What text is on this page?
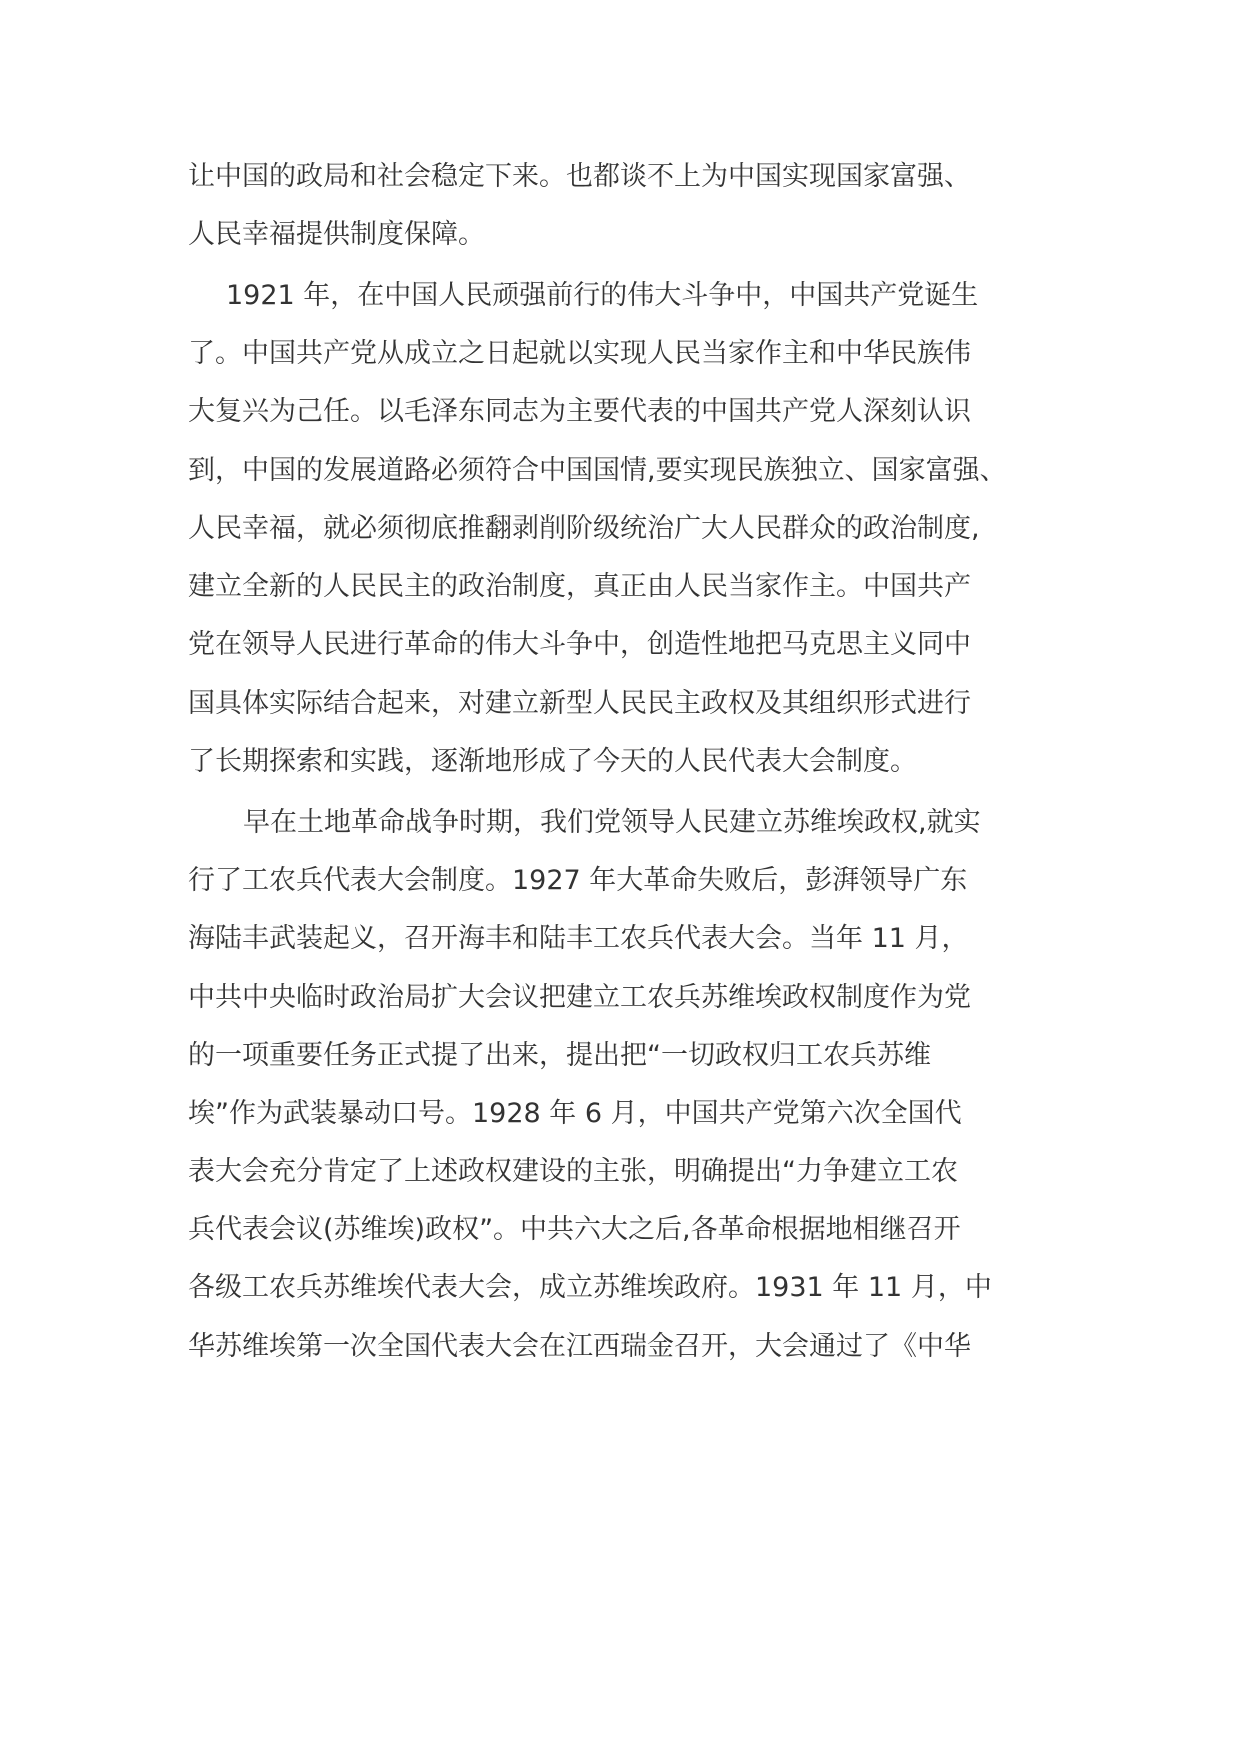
让中国的政局和社会稳定下来。也都谈不上为中国实现国家富强、
人民幸福提供制度保障。
1921 年，在中国人民顽强前行的伟大斗争中，中国共产党诞生
了。中国共产党从成立之日起就以实现人民当家作主和中华民族伟
大复兴为己任。以毛泽东同志为主要代表的中国共产党人深刻认识
到，中国的发展道路必须符合中国国情,要实现民族独立、国家富强、
人民幸福，就必须彻底推翻剥削阶级统治广大人民群众的政治制度,
建立全新的人民民主的政治制度，真正由人民当家作主。中国共产
党在领导人民进行革命的伟大斗争中，创造性地把马克思主义同中
国具体实际结合起来，对建立新型人民民主政权及其组织形式进行
了长期探索和实践，逐渐地形成了今天的人民代表大会制度。
早在土地革命战争时期，我们党领导人民建立苏维埃政权,就实
行了工农兵代表大会制度。1927 年大革命失败后，彭湃领导广东
海陆丰武装起义，召开海丰和陆丰工农兵代表大会。当年 11 月，
中共中央临时政治局扩大会议把建立工农兵苏维埃政权制度作为党
的一项重要任务正式提了出来，提出把“一切政权归工农兵苏维
埃”作为武装暴动口号。1928 年 6 月，中国共产党第六次全国代
表大会充分肯定了上述政权建设的主张，明确提出“力争建立工农
兵代表会议(苏维埃)政权”。中共六大之后,各革命根据地相继召开
各级工农兵苏维埃代表大会，成立苏维埃政府。1931 年 11 月，中
华苏维埃第一次全国代表大会在江西瑞金召开，大会通过了《中华
